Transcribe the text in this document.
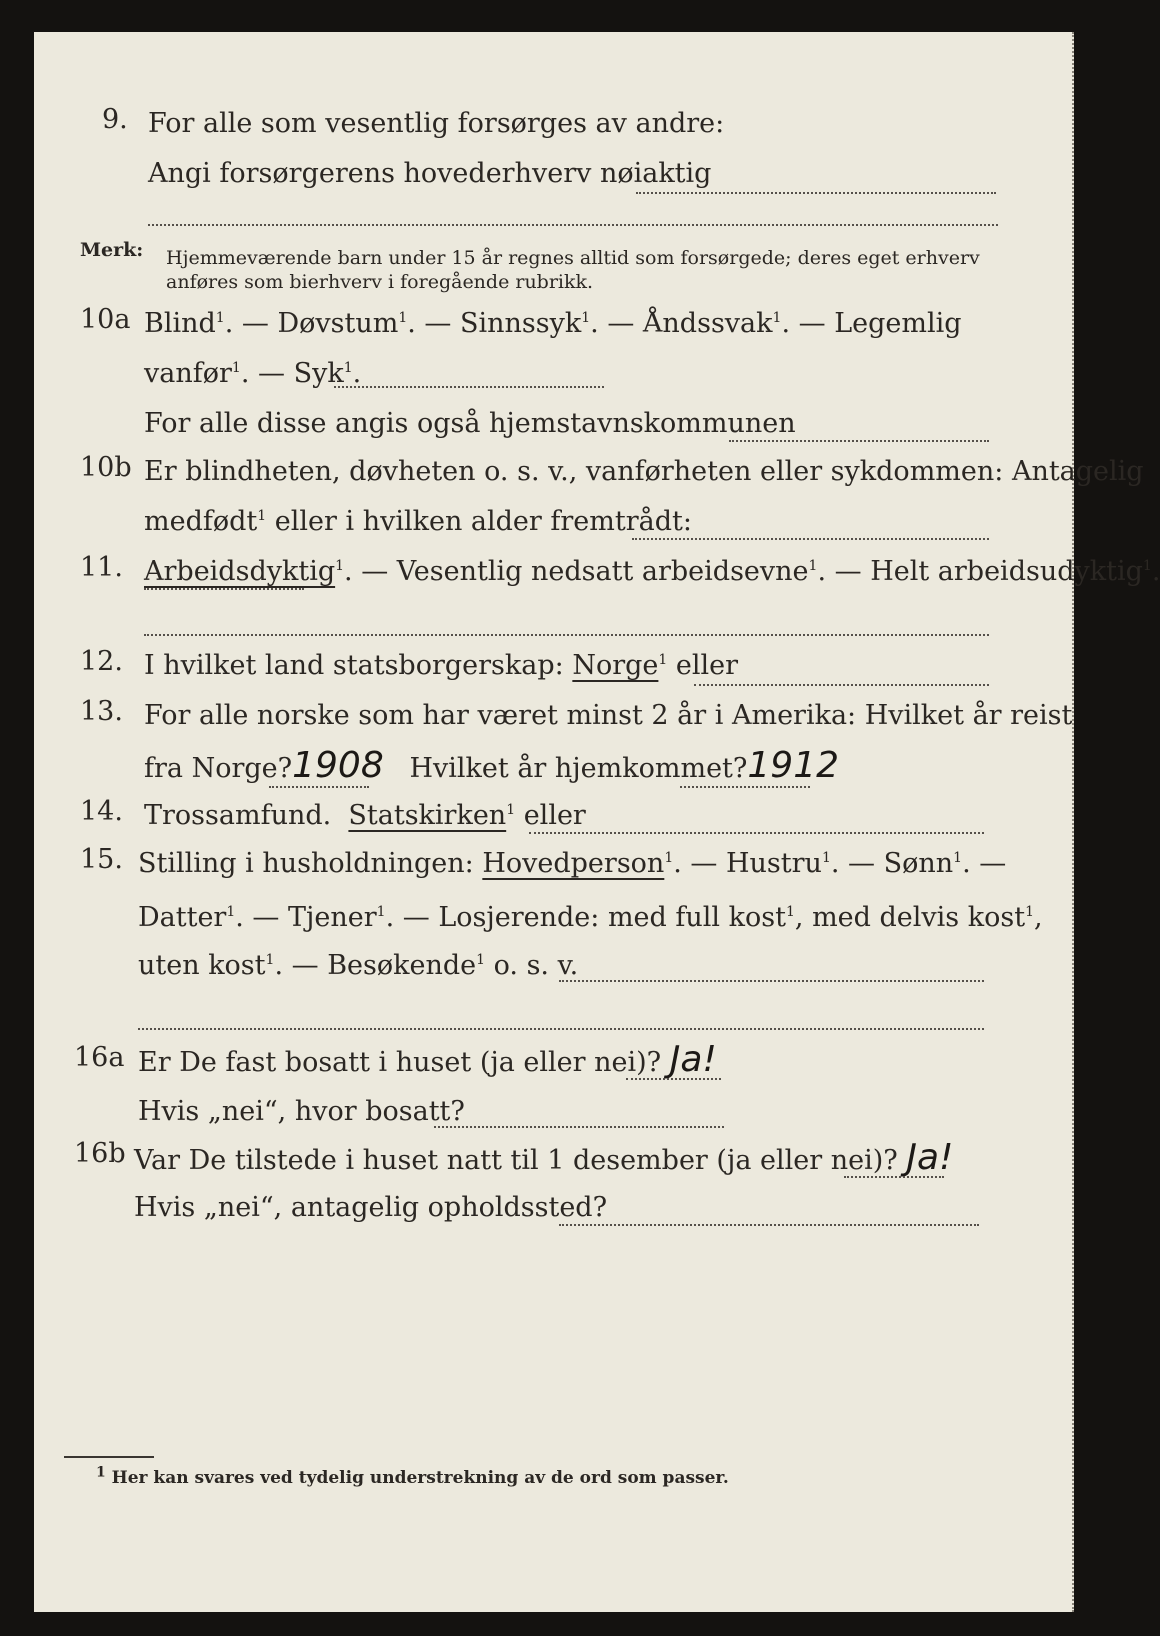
9. For alle som vesentlig forsørges av andre:
Angi forsørgerens hovederhverv nøiaktig
Merk: Hjemmeværende barn under 15 år regnes alltid som forsørgede; deres eget erhverv
anføres som bierhverv i foregående rubrikk.
10a Blind$^1$. — Døvstum$^1$. — Sinnssyk$^1$. — Åndssvak$^1$. — Legemlig
vanfør$^1$. — Syk$^1$.
For alle disse angis også hjemstavnskommunen
10b Er blindheten, døvheten o. s. v., vanførheten eller sykdommen: Antagelig
medfødt$^1$ eller i hvilken alder fremtrådt:
11. Arbeidsdyktig$^1$. — Vesentlig nedsatt arbeidsevne$^1$. — Helt arbeidsudyktig$^1$.
12. I hvilket land statsborgerskap: Norge$^1$ eller
13. For alle norske som har været minst 2 år i Amerika: Hvilket år reist
fra Norge?1908 Hvilket år hjemkommet?1912
14. Trossamfund. Statskirken$^1$ eller
15. Stilling i husholdningen: Hovedperson$^1$. — Hustru$^1$. — Sønn$^1$. —
Datter$^1$. — Tjener$^1$. — Losjerende: med full kost$^1$, med delvis kost$^1$,
uten kost$^1$. — Besøkende$^1$ o. s. v.
16a Er De fast bosatt i huset (ja eller nei)? Ja!
Hvis „nei“, hvor bosatt?
16b Var De tilstede i huset natt til 1 desember (ja eller nei)? Ja!
Hvis „nei“, antagelig opholdssted?
$^1$ Her kan svares ved tydelig understrekning av de ord som passer.
